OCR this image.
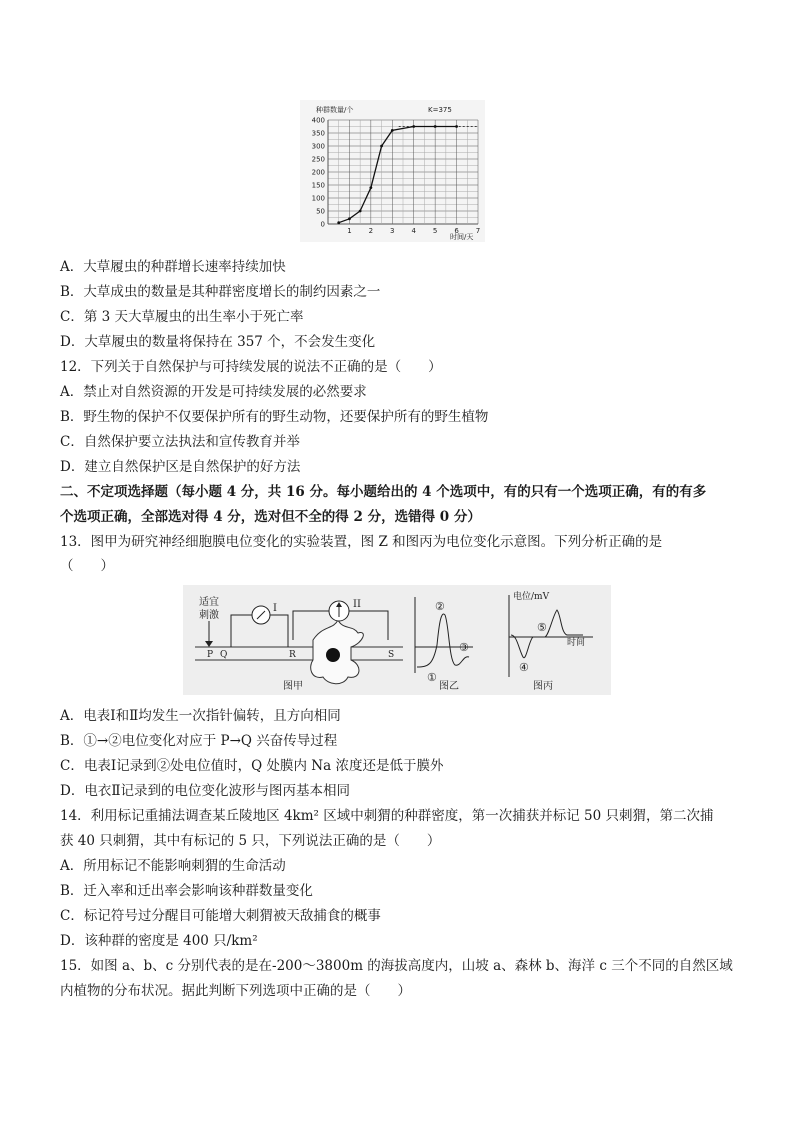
种群数量/个	K=375
400
350
300
250
200
150
100
50
0
1 2 3 4 5 6 7
时间/天
适宜
刺激
I
P Q
II
R	S
图甲
②
①
③
图乙
电位/mV
时间
⑤
④
图丙
A．大草履虫的种群增长速率持续加快
B．大草成虫的数量是其种群密度增长的制约因素之一
C．第 3 天大草履虫的出生率小于死亡率
D．大草履虫的数量将保持在 357 个，不会发生变化
12．下列关于自然保护与可持续发展的说法不正确的是（　　）
A．禁止对自然资源的开发是可持续发展的必然要求
B．野生物的保护不仅要保护所有的野生动物，还要保护所有的野生植物
C．自然保护要立法执法和宣传教育并举
D．建立自然保护区是自然保护的好方法
二、不定项选择题（每小题 4 分，共 16 分。每小题给出的 4 个选项中，有的只有一个选项正确，有的有多
个选项正确，全部选对得 4 分，选对但不全的得 2 分，选错得 0 分）
13．图甲为研究神经细胞膜电位变化的实验装置，图 Z 和图丙为电位变化示意图。下列分析正确的是
（　　）
A．电表Ⅰ和Ⅱ均发生一次指针偏转，且方向相同
B．①→②电位变化对应于 P→Q 兴奋传导过程
C．电表Ⅰ记录到②处电位值时，Q 处膜内 Na 浓度还是低于膜外
D．电衣Ⅱ记录到的电位变化波形与图丙基本相同
14．利用标记重捕法调查某丘陵地区 4km² 区域中刺猬的种群密度，第一次捕获并标记 50 只刺猬，第二次捕
获 40 只刺猬，其中有标记的 5 只，下列说法正确的是（　　）
A．所用标记不能影响刺猬的生命活动
B．迁入率和迁出率会影响该种群数量变化
C．标记符号过分醒目可能增大刺猬被天敌捕食的概事
D．该种群的密度是 400 只/km²
15．如图 a、b、c 分别代表的是在-200～3800m 的海拔高度内，山坡 a、森林 b、海洋 c 三个不同的自然区域
内植物的分布状况。据此判断下列选项中正确的是（　　）
